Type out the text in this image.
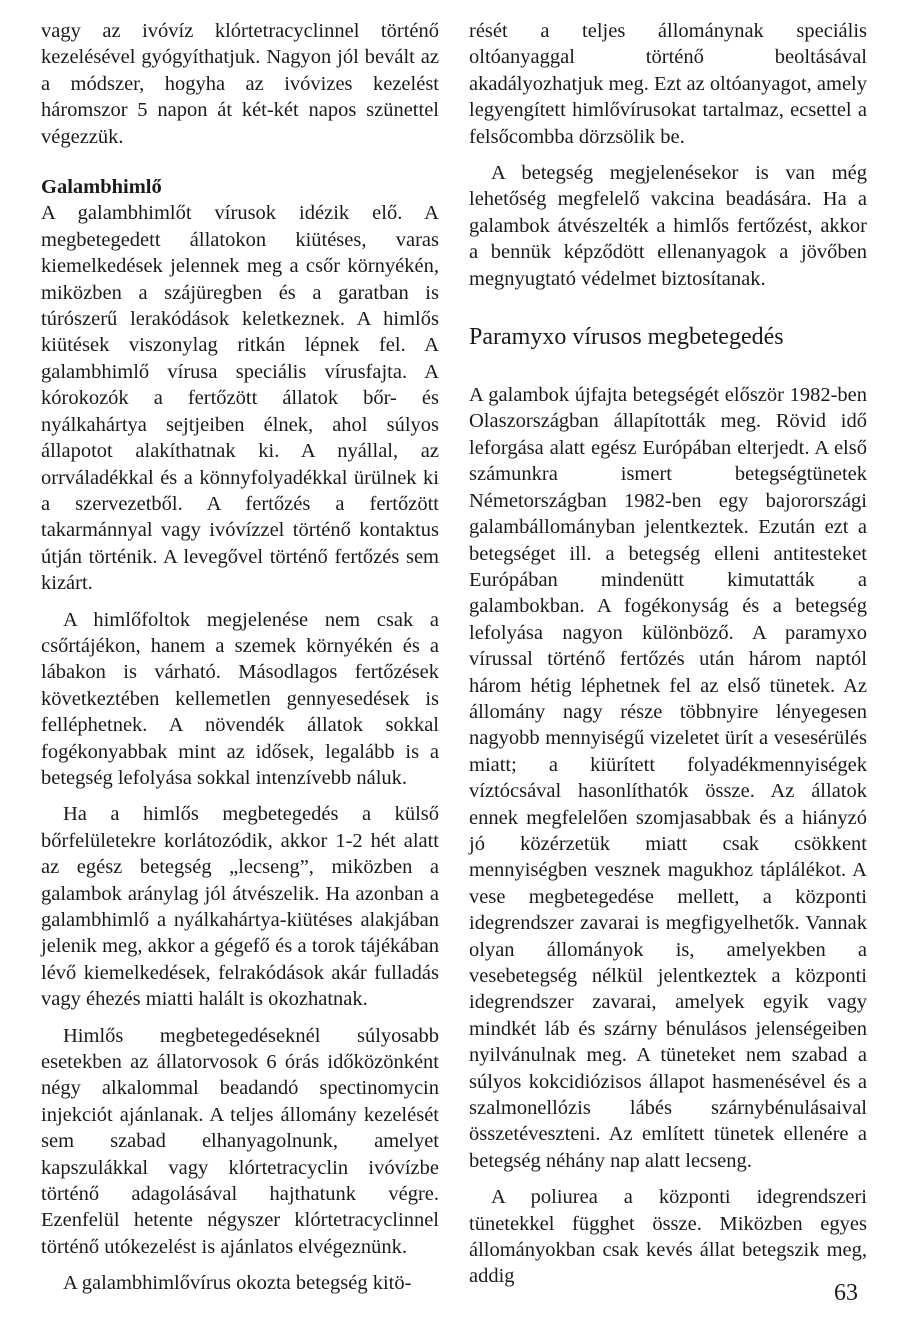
vagy az ivóvíz klórtetracyclinnel történő kezelésével gyógyíthatjuk. Nagyon jól bevált az a módszer, hogyha az ivóvizes kezelést háromszor 5 napon át két-két napos szünettel végezzük.

Galambhimlő

A galambhimlőt vírusok idézik elő. A megbetegedett állatokon kiütéses, varas kiemelkedések jelennek meg a csőr környékén, miközben a szájüregben és a garatban is túrószerű lerakódások keletkeznek. A himlős kiütések viszonylag ritkán lépnek fel. A galambhimlő vírusa speciális vírusfajta. A kórokozók a fertőzött állatok bőr- és nyálkahártya sejtjeiben élnek, ahol súlyos állapotot alakíthatnak ki. A nyállal, az orrváladékkal és a könnyfolyadékkal ürülnek ki a szervezetből. A fertőzés a fertőzött takarmánnyal vagy ivóvízzel történő kontaktus útján történik. A levegővel történő fertőzés sem kizárt.

A himlőfoltok megjelenése nem csak a csőrtájékon, hanem a szemek környékén és a lábakon is várható. Másodlagos fertőzések következtében kellemetlen gennyesedések is felléphetnek. A növendék állatok sokkal fogékonyabbak mint az idősek, legalább is a betegség lefolyása sokkal intenzívebb náluk.

Ha a himlős megbetegedés a külső bőrfelületekre korlátozódik, akkor 1-2 hét alatt az egész betegség „lecseng”, miközben a galambok aránylag jól átvészelik. Ha azonban a galambhimlő a nyálkahártya-kiütéses alakjában jelenik meg, akkor a gégefő és a torok tájékában lévő kiemelkedések, felrakódások akár fulladás vagy éhezés miatti halált is okozhatnak.

Himlős megbetegedéseknél súlyosabb esetekben az állatorvosok 6 órás időközönként négy alkalommal beadandó spectinomycin injekciót ajánlanak. A teljes állomány kezelését sem szabad elhanyagolnunk, amelyet kapszulákkal vagy klórtetracyclin ivóvízbe történő adagolásával hajthatunk végre. Ezenfelül hetente négyszer klórtetracyclinnel történő utókezelést is ajánlatos elvégeznünk.

A galambhimlővírus okozta betegség kitö-

rését a teljes állománynak speciális oltóanyaggal történő beoltásával akadályozhatjuk meg. Ezt az oltóanyagot, amely legyengített himlővírusokat tartalmaz, ecsettel a felsőcombba dörzsölik be.

A betegség megjelenésekor is van még lehetőség megfelelő vakcina beadására. Ha a galambok átvészelték a himlős fertőzést, akkor a bennük képződött ellenanyagok a jövőben megnyugtató védelmet biztosítanak.

Paramyxo vírusos megbetegedés

A galambok újfajta betegségét először 1982-ben Olaszországban állapították meg. Rövid idő leforgása alatt egész Európában elterjedt. A első számunkra ismert betegségtünetek Németországban 1982-ben egy bajorországi galambállományban jelentkeztek. Ezután ezt a betegséget ill. a betegség elleni antitesteket Európában mindenütt kimutatták a galambokban. A fogékonyság és a betegség lefolyása nagyon különböző. A paramyxo vírussal történő fertőzés után három naptól három hétig léphetnek fel az első tünetek. Az állomány nagy része többnyire lényegesen nagyobb mennyiségű vizeletet ürít a vesesérülés miatt; a kiürített folyadékmennyiségek víztócsával hasonlíthatók össze. Az állatok ennek megfelelően szomjasabbak és a hiányzó jó közérzetük miatt csak csökkent mennyiségben vesznek magukhoz táplálékot. A vese megbetegedése mellett, a központi idegrendszer zavarai is megfigyelhetők. Vannak olyan állományok is, amelyekben a vesebetegség nélkül jelentkeztek a központi idegrendszer zavarai, amelyek egyik vagy mindkét láb és szárny bénulásos jelenségeiben nyilvánulnak meg. A tüneteket nem szabad a súlyos kokcidiózisos állapot hasmenésével és a szalmonellózis lábés szárnybénulásaival összetéveszteni. Az említett tünetek ellenére a betegség néhány nap alatt lecseng.

A poliurea a központi idegrendszeri tünetekkel függhet össze. Miközben egyes állományokban csak kevés állat betegszik meg, addig

63
